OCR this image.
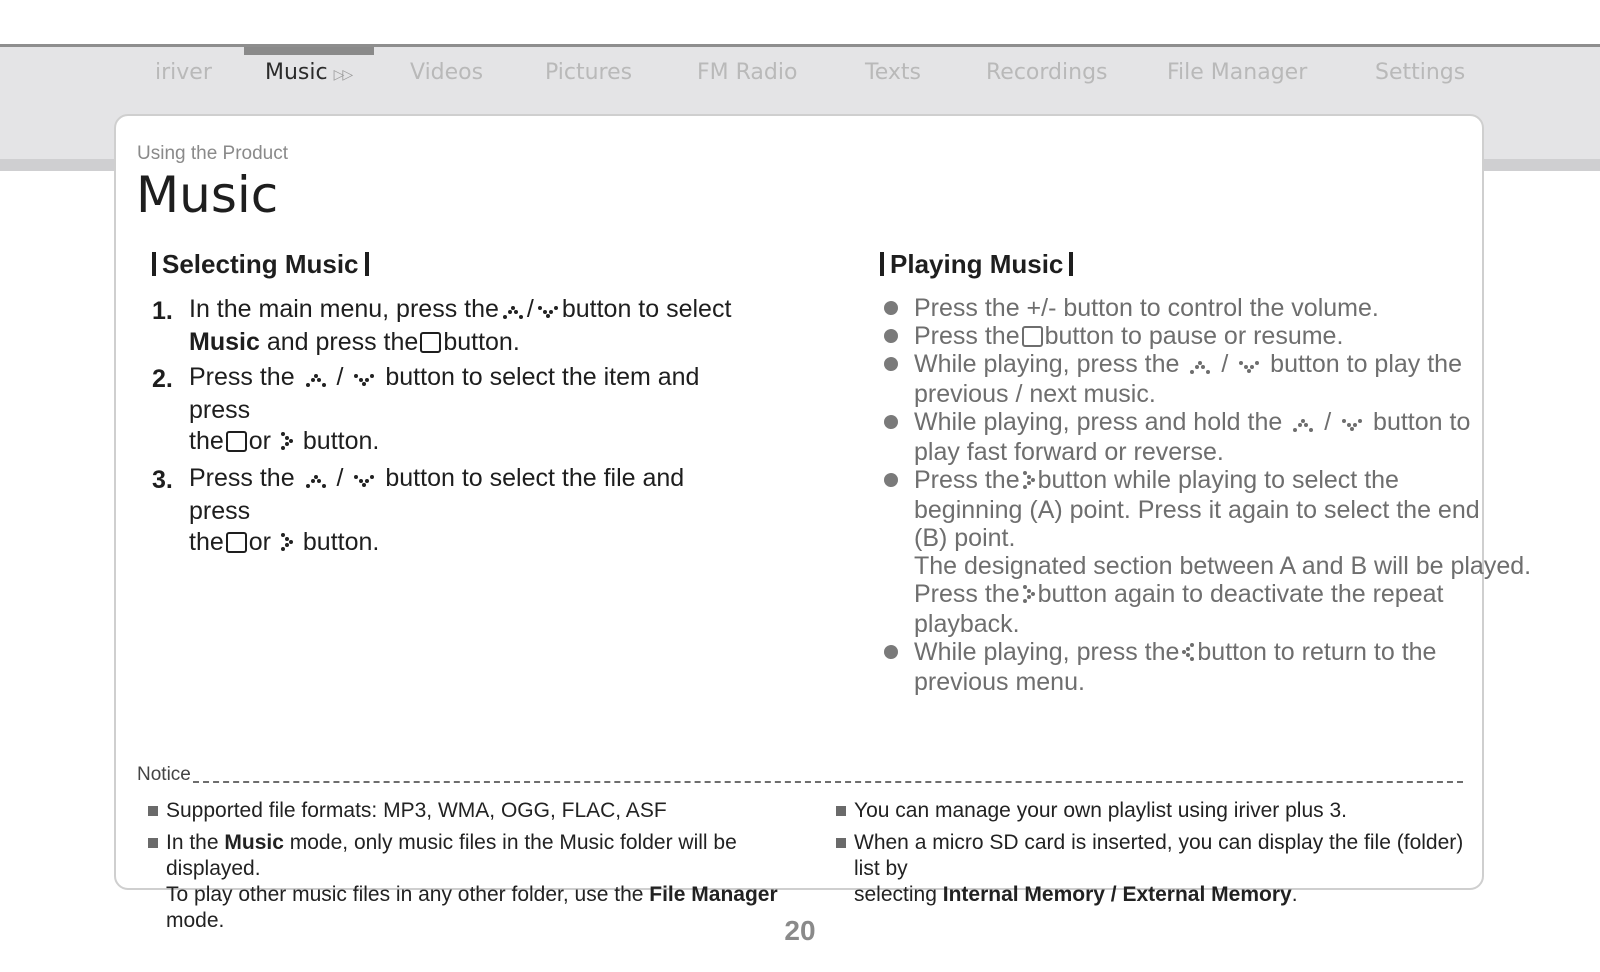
iriver Music ▷▷	Videos	Pictures	FM Radio	Texts	Recordings	File Manager	Settings
Using the Product
Music
Selecting Music
1. In the main menu, press the / button to select
Music and press the button.
2. Press the / button to select the item and press
the or button.
3. Press the / button to select the file and press
the or button.
Playing Music
Press the +/- button to control the volume.
Press the button to pause or resume.
While playing, press the / button to play the previous / next music.
While playing, press and hold the / button to play fast forward or reverse.
Press the button while playing to select the beginning (A) point. Press it again to select the end (B) point.
The designated section between A and B will be played.
Press the button again to deactivate the repeat playback.
While playing, press the button to return to the previous menu.
Notice
Supported file formats: MP3, WMA, OGG, FLAC, ASF
In the Music mode, only music files in the Music folder will be displayed.
To play other music files in any other folder, use the File Manager mode.
You can manage your own playlist using iriver plus 3.
When a micro SD card is inserted, you can display the file (folder) list by
selecting Internal Memory / External Memory.
20
